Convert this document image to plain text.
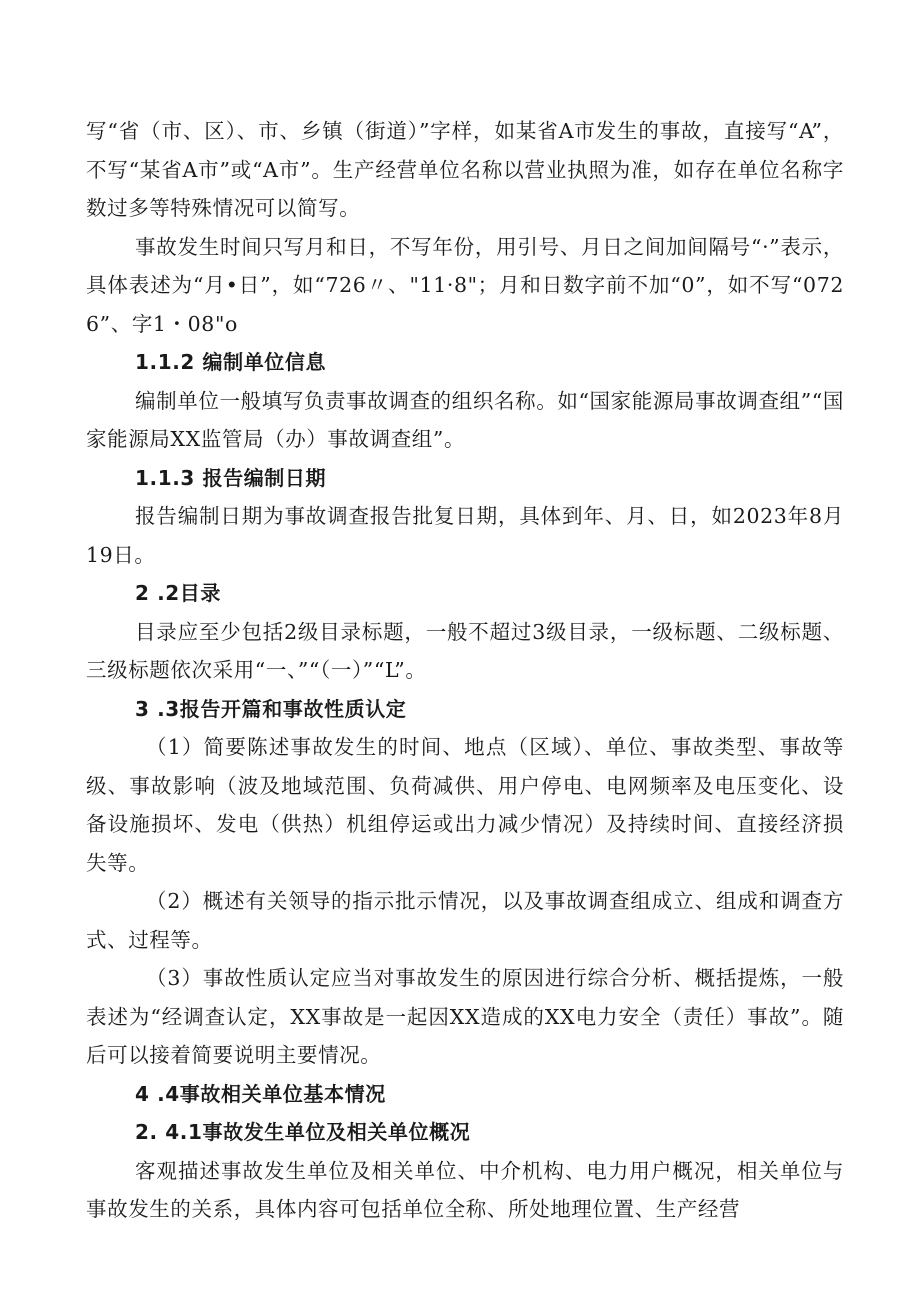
写“省（市、区）、市、乡镇（街道）”字样，如某省A市发生的事故，直接写“A”，不写“某省A市”或“A市”。生产经营单位名称以营业执照为准，如存在单位名称字数过多等特殊情况可以简写。

事故发生时间只写月和日，不写年份，用引号、月日之间加间隔号“·”表示，具体表述为“月•日”，如“726〃、"11·8"；月和日数字前不加“0”，如不写“0726”、字1・08"o

1.1.2 编制单位信息

编制单位一般填写负责事故调查的组织名称。如“国家能源局事故调查组”“国家能源局XX监管局（办）事故调查组”。

1.1.3 报告编制日期

报告编制日期为事故调查报告批复日期，具体到年、月、日，如2023年8月19日。

2 .2目录

目录应至少包括2级目录标题，一般不超过3级目录，一级标题、二级标题、三级标题依次采用“一、”“（一）”“L”。

3 .3报告开篇和事故性质认定

（1）简要陈述事故发生的时间、地点（区域）、单位、事故类型、事故等级、事故影响（波及地域范围、负荷减供、用户停电、电网频率及电压变化、设备设施损坏、发电（供热）机组停运或出力减少情况）及持续时间、直接经济损失等。

（2）概述有关领导的指示批示情况，以及事故调查组成立、组成和调查方式、过程等。

（3）事故性质认定应当对事故发生的原因进行综合分析、概括提炼，一般表述为“经调查认定，XX事故是一起因XX造成的XX电力安全（责任）事故”。随后可以接着简要说明主要情况。

4 .4事故相关单位基本情况

2. 4.1事故发生单位及相关单位概况

客观描述事故发生单位及相关单位、中介机构、电力用户概况，相关单位与事故发生的关系，具体内容可包括单位全称、所处地理位置、生产经营
